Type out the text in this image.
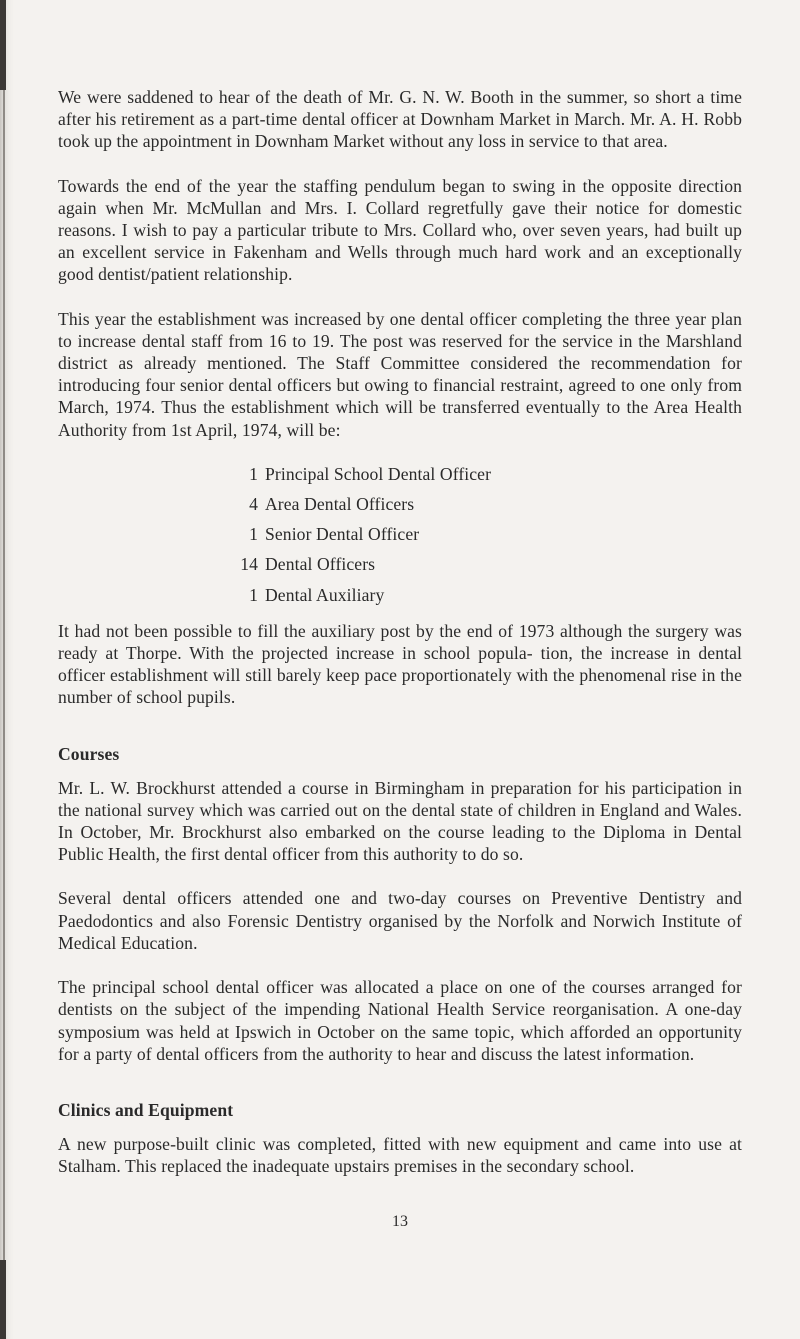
We were saddened to hear of the death of Mr. G. N. W. Booth in the summer, so short a time after his retirement as a part-time dental officer at Downham Market in March. Mr. A. H. Robb took up the appointment in Downham Market without any loss in service to that area.

Towards the end of the year the staffing pendulum began to swing in the opposite direction again when Mr. McMullan and Mrs. I. Collard regretfully gave their notice for domestic reasons. I wish to pay a particular tribute to Mrs. Collard who, over seven years, had built up an excellent service in Fakenham and Wells through much hard work and an exceptionally good dentist/patient relationship.

This year the establishment was increased by one dental officer completing the three year plan to increase dental staff from 16 to 19. The post was reserved for the service in the Marshland district as already mentioned. The Staff Committee considered the recommendation for introducing four senior dental officers but owing to financial restraint, agreed to one only from March, 1974. Thus the establishment which will be transferred eventually to the Area Health Authority from 1st April, 1974, will be:

1 Principal School Dental Officer
4 Area Dental Officers
1 Senior Dental Officer
14 Dental Officers
1 Dental Auxiliary

It had not been possible to fill the auxiliary post by the end of 1973 although the surgery was ready at Thorpe. With the projected increase in school popula- tion, the increase in dental officer establishment will still barely keep pace proportionately with the phenomenal rise in the number of school pupils.

Courses

Mr. L. W. Brockhurst attended a course in Birmingham in preparation for his participation in the national survey which was carried out on the dental state of children in England and Wales. In October, Mr. Brockhurst also embarked on the course leading to the Diploma in Dental Public Health, the first dental officer from this authority to do so.

Several dental officers attended one and two-day courses on Preventive Dentistry and Paedodontics and also Forensic Dentistry organised by the Norfolk and Norwich Institute of Medical Education.

The principal school dental officer was allocated a place on one of the courses arranged for dentists on the subject of the impending National Health Service reorganisation. A one-day symposium was held at Ipswich in October on the same topic, which afforded an opportunity for a party of dental officers from the authority to hear and discuss the latest information.

Clinics and Equipment

A new purpose-built clinic was completed, fitted with new equipment and came into use at Stalham. This replaced the inadequate upstairs premises in the secondary school.

13
